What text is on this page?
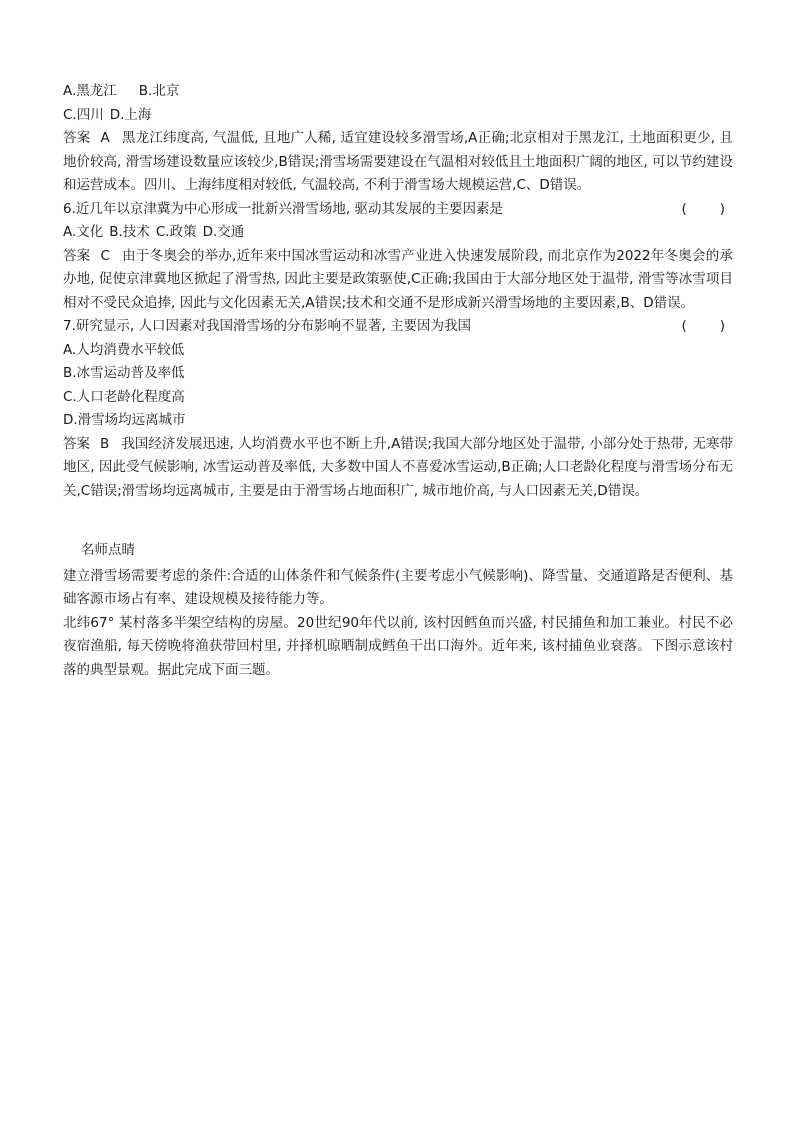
A.黑龙江 B.北京
C.四川 D.上海
答案 A 黑龙江纬度高, 气温低, 且地广人稀, 适宜建设较多滑雪场,A正确;北京相对于黑龙江, 土地面积更少, 且地价较高, 滑雪场建设数量应该较少,B错误;滑雪场需要建设在气温相对较低且土地面积广阔的地区, 可以节约建设和运营成本。四川、上海纬度相对较低, 气温较高, 不利于滑雪场大规模运营,C、D错误。
6.近几年以京津冀为中心形成一批新兴滑雪场地, 驱动其发展的主要因素是	(　　)
A.文化 B.技术 C.政策 D.交通
答案 C 由于冬奥会的举办,近年来中国冰雪运动和冰雪产业进入快速发展阶段, 而北京作为2022年冬奥会的承办地, 促使京津冀地区掀起了滑雪热, 因此主要是政策驱使,C正确;我国由于大部分地区处于温带, 滑雪等冰雪项目相对不受民众追捧, 因此与文化因素无关,A错误;技术和交通不是形成新兴滑雪场地的主要因素,B、D错误。
7.研究显示, 人口因素对我国滑雪场的分布影响不显著, 主要因为我国	(　　)
A.人均消费水平较低
B.冰雪运动普及率低
C.人口老龄化程度高
D.滑雪场均远离城市
答案 B 我国经济发展迅速, 人均消费水平也不断上升,A错误;我国大部分地区处于温带, 小部分处于热带, 无寒带地区, 因此受气候影响, 冰雪运动普及率低, 大多数中国人不喜爱冰雪运动,B正确;人口老龄化程度与滑雪场分布无关,C错误;滑雪场均远离城市, 主要是由于滑雪场占地面积广, 城市地价高, 与人口因素无关,D错误。
名师点睛
建立滑雪场需要考虑的条件:合适的山体条件和气候条件(主要考虑小气候影响)、降雪量、交通道路是否便利、基础客源市场占有率、建设规模及接待能力等。
北纬67° 某村落多半架空结构的房屋。20世纪90年代以前, 该村因鳕鱼而兴盛, 村民捕鱼和加工兼业。村民不必夜宿渔船, 每天傍晚将渔获带回村里, 并择机晾晒制成鳕鱼干出口海外。近年来, 该村捕鱼业衰落。下图示意该村落的典型景观。据此完成下面三题。
